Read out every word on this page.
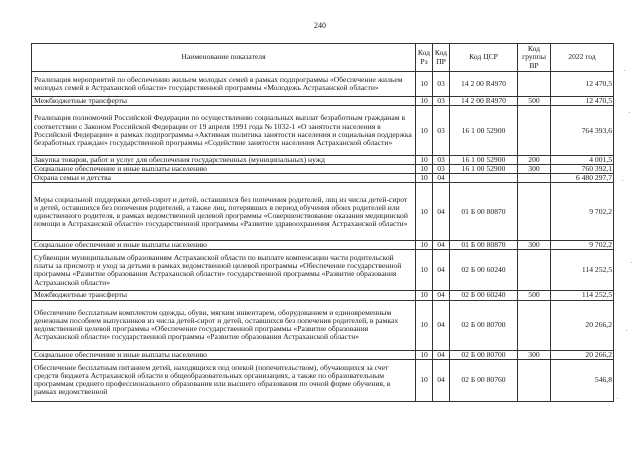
240
Наименование показателя	Код Рз	Код ПР	Код ЦСР	Код группы ВР	2022 год
Реализация мероприятий по обеспечению жильем молодых семей в рамках подпрограммы «Обеспечение жильем молодых семей в Астраханской области» государственной программы «Молодежь Астраханской области»	10	03	14 2 00 R4970		12 470,5
Межбюджетные трансферты	10	03	14 2 00 R4970	500	12 470,5
Реализация полномочий Российской Федерации по осуществлению социальных выплат безработным гражданам в соответствии с Законом Российской Федерации от 19 апреля 1991 года № 1032-1 «О занятости населения в Российской Федерации» в рамках подпрограммы «Активная политика занятости населения и социальная поддержка безработных граждан» государственной программы «Содействие занятости населения Астраханской области»	10	03	16 1 00 52900		764 393,6
Закупка товаров, работ и услуг для обеспечения государственных (муниципальных) нужд	10	03	16 1 00 52900	200	4 001,5
Социальное обеспечение и иные выплаты населению	10	03	16 1 00 52900	300	760 392,1
Охрана семьи и детства	10	04			6 480 297,7
Меры социальной поддержки детей-сирот и детей, оставшихся без попечения родителей, лиц из числа детей-сирот и детей, оставшихся без попечения родителей, а также лиц, потерявших в период обучения обоих родителей или единственного родителя, в рамках ведомственной целевой программы «Совершенствование оказания медицинской помощи в Астраханской области» государственной программы «Развитие здравоохранения Астраханской области»	10	04	01 Б 00 80870		9 702,2
Социальное обеспечение и иные выплаты населению	10	04	01 Б 00 80870	300	9 702,2
Субвенции муниципальным образованиям Астраханской области по выплате компенсации части родительской платы за присмотр и уход за детьми в рамках ведомственной целевой программы «Обеспечение государственной программы «Развитие образования Астраханской области» государственной программы «Развитие образования Астраханской области»	10	04	02 Б 00 60240		114 252,5
Межбюджетные трансферты	10	04	02 Б 00 60240	500	114 252,5
Обеспечение бесплатным комплектом одежды, обуви, мягким инвентарем, оборудованием и единовременным денежным пособием выпускников из числа детей-сирот и детей, оставшихся без попечения родителей, в рамках ведомственной целевой программы «Обеспечение государственной программы «Развитие образования Астраханской области» государственной программы «Развитие образования Астраханской области»	10	04	02 Б 00 80700		20 266,2
Социальное обеспечение и иные выплаты населению	10	04	02 Б 00 80700	300	20 266,2
Обеспечение бесплатным питанием детей, находящихся под опекой (попечительством), обучающихся за счет средств бюджета Астраханской области в общеобразовательных организациях, а также по образовательным программам среднего профессионального образования или высшего образования по очной форме обучения, в рамках ведомственной	10	04	02 Б 00 80760		546,8
